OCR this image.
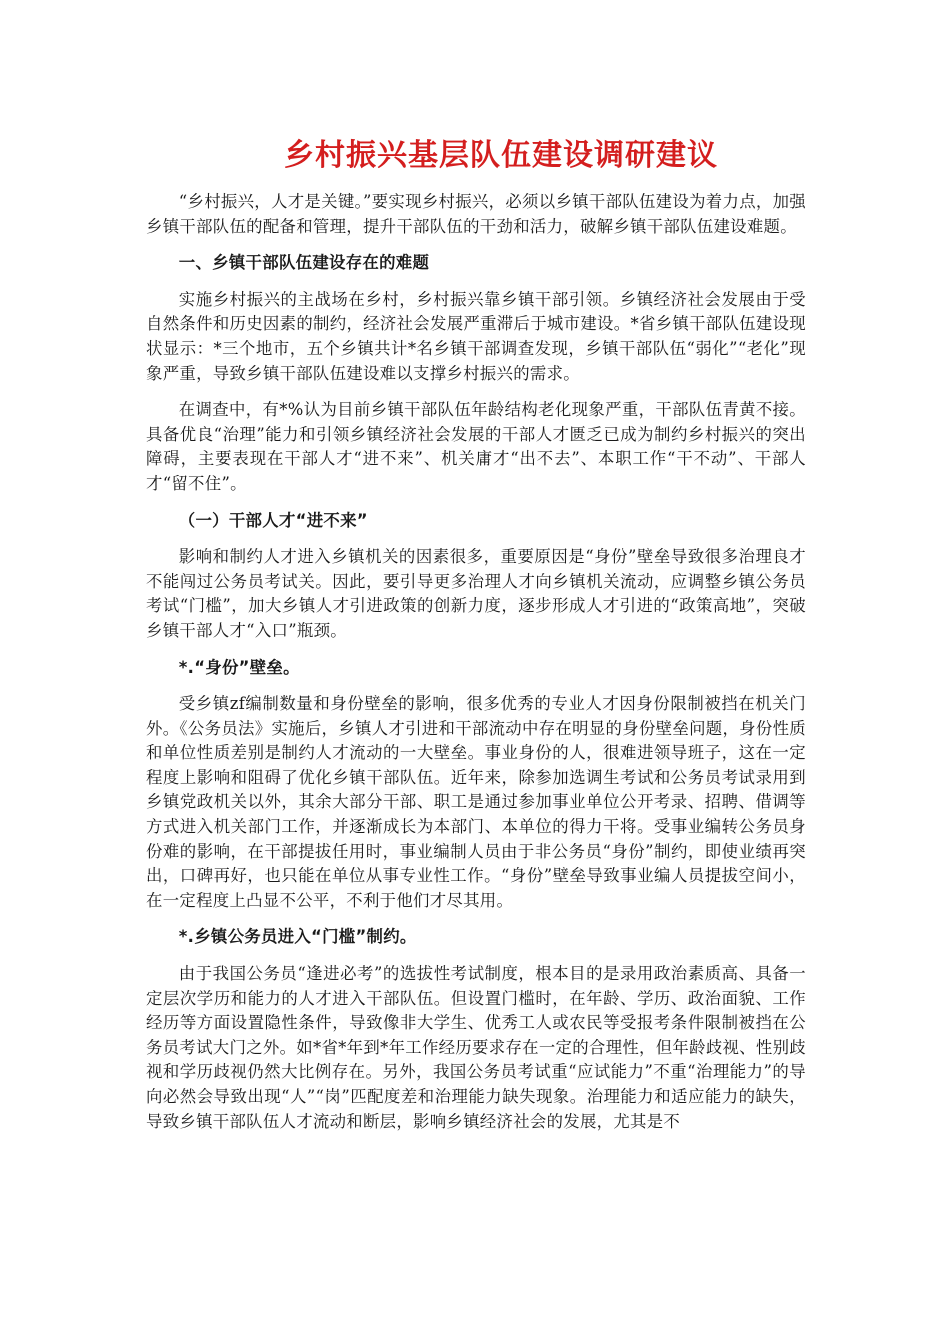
乡村振兴基层队伍建设调研建议

“乡村振兴，人才是关键。”要实现乡村振兴，必须以乡镇干部队伍建设为着力点，加强乡镇干部队伍的配备和管理，提升干部队伍的干劲和活力，破解乡镇干部队伍建设难题。

一、乡镇干部队伍建设存在的难题

实施乡村振兴的主战场在乡村，乡村振兴靠乡镇干部引领。乡镇经济社会发展由于受自然条件和历史因素的制约，经济社会发展严重滞后于城市建设。*省乡镇干部队伍建设现状显示：*三个地市，五个乡镇共计*名乡镇干部调查发现，乡镇干部队伍“弱化”“老化”现象严重，导致乡镇干部队伍建设难以支撑乡村振兴的需求。

在调查中，有*%认为目前乡镇干部队伍年龄结构老化现象严重，干部队伍青黄不接。具备优良“治理”能力和引领乡镇经济社会发展的干部人才匮乏已成为制约乡村振兴的突出障碍，主要表现在干部人才“进不来”、机关庸才“出不去”、本职工作“干不动”、干部人才“留不住”。

（一）干部人才“进不来”

影响和制约人才进入乡镇机关的因素很多，重要原因是“身份”壁垒导致很多治理良才不能闯过公务员考试关。因此，要引导更多治理人才向乡镇机关流动，应调整乡镇公务员考试“门槛”，加大乡镇人才引进政策的创新力度，逐步形成人才引进的“政策高地”，突破乡镇干部人才“入口”瓶颈。

*.“身份”壁垒。

受乡镇zf编制数量和身份壁垒的影响，很多优秀的专业人才因身份限制被挡在机关门外。《公务员法》实施后，乡镇人才引进和干部流动中存在明显的身份壁垒问题，身份性质和单位性质差别是制约人才流动的一大壁垒。事业身份的人，很难进领导班子，这在一定程度上影响和阻碍了优化乡镇干部队伍。近年来，除参加选调生考试和公务员考试录用到乡镇党政机关以外，其余大部分干部、职工是通过参加事业单位公开考录、招聘、借调等方式进入机关部门工作，并逐渐成长为本部门、本单位的得力干将。受事业编转公务员身份难的影响，在干部提拔任用时，事业编制人员由于非公务员“身份”制约，即使业绩再突出，口碑再好，也只能在单位从事专业性工作。“身份”壁垒导致事业编人员提拔空间小，在一定程度上凸显不公平，不利于他们才尽其用。

*.乡镇公务员进入“门槛”制约。

由于我国公务员“逢进必考”的选拔性考试制度，根本目的是录用政治素质高、具备一定层次学历和能力的人才进入干部队伍。但设置门槛时，在年龄、学历、政治面貌、工作经历等方面设置隐性条件，导致像非大学生、优秀工人或农民等受报考条件限制被挡在公务员考试大门之外。如*省*年到*年工作经历要求存在一定的合理性，但年龄歧视、性别歧视和学历歧视仍然大比例存在。另外，我国公务员考试重“应试能力”不重“治理能力”的导向必然会导致出现“人”“岗”匹配度差和治理能力缺失现象。治理能力和适应能力的缺失，导致乡镇干部队伍人才流动和断层，影响乡镇经济社会的发展，尤其是不
